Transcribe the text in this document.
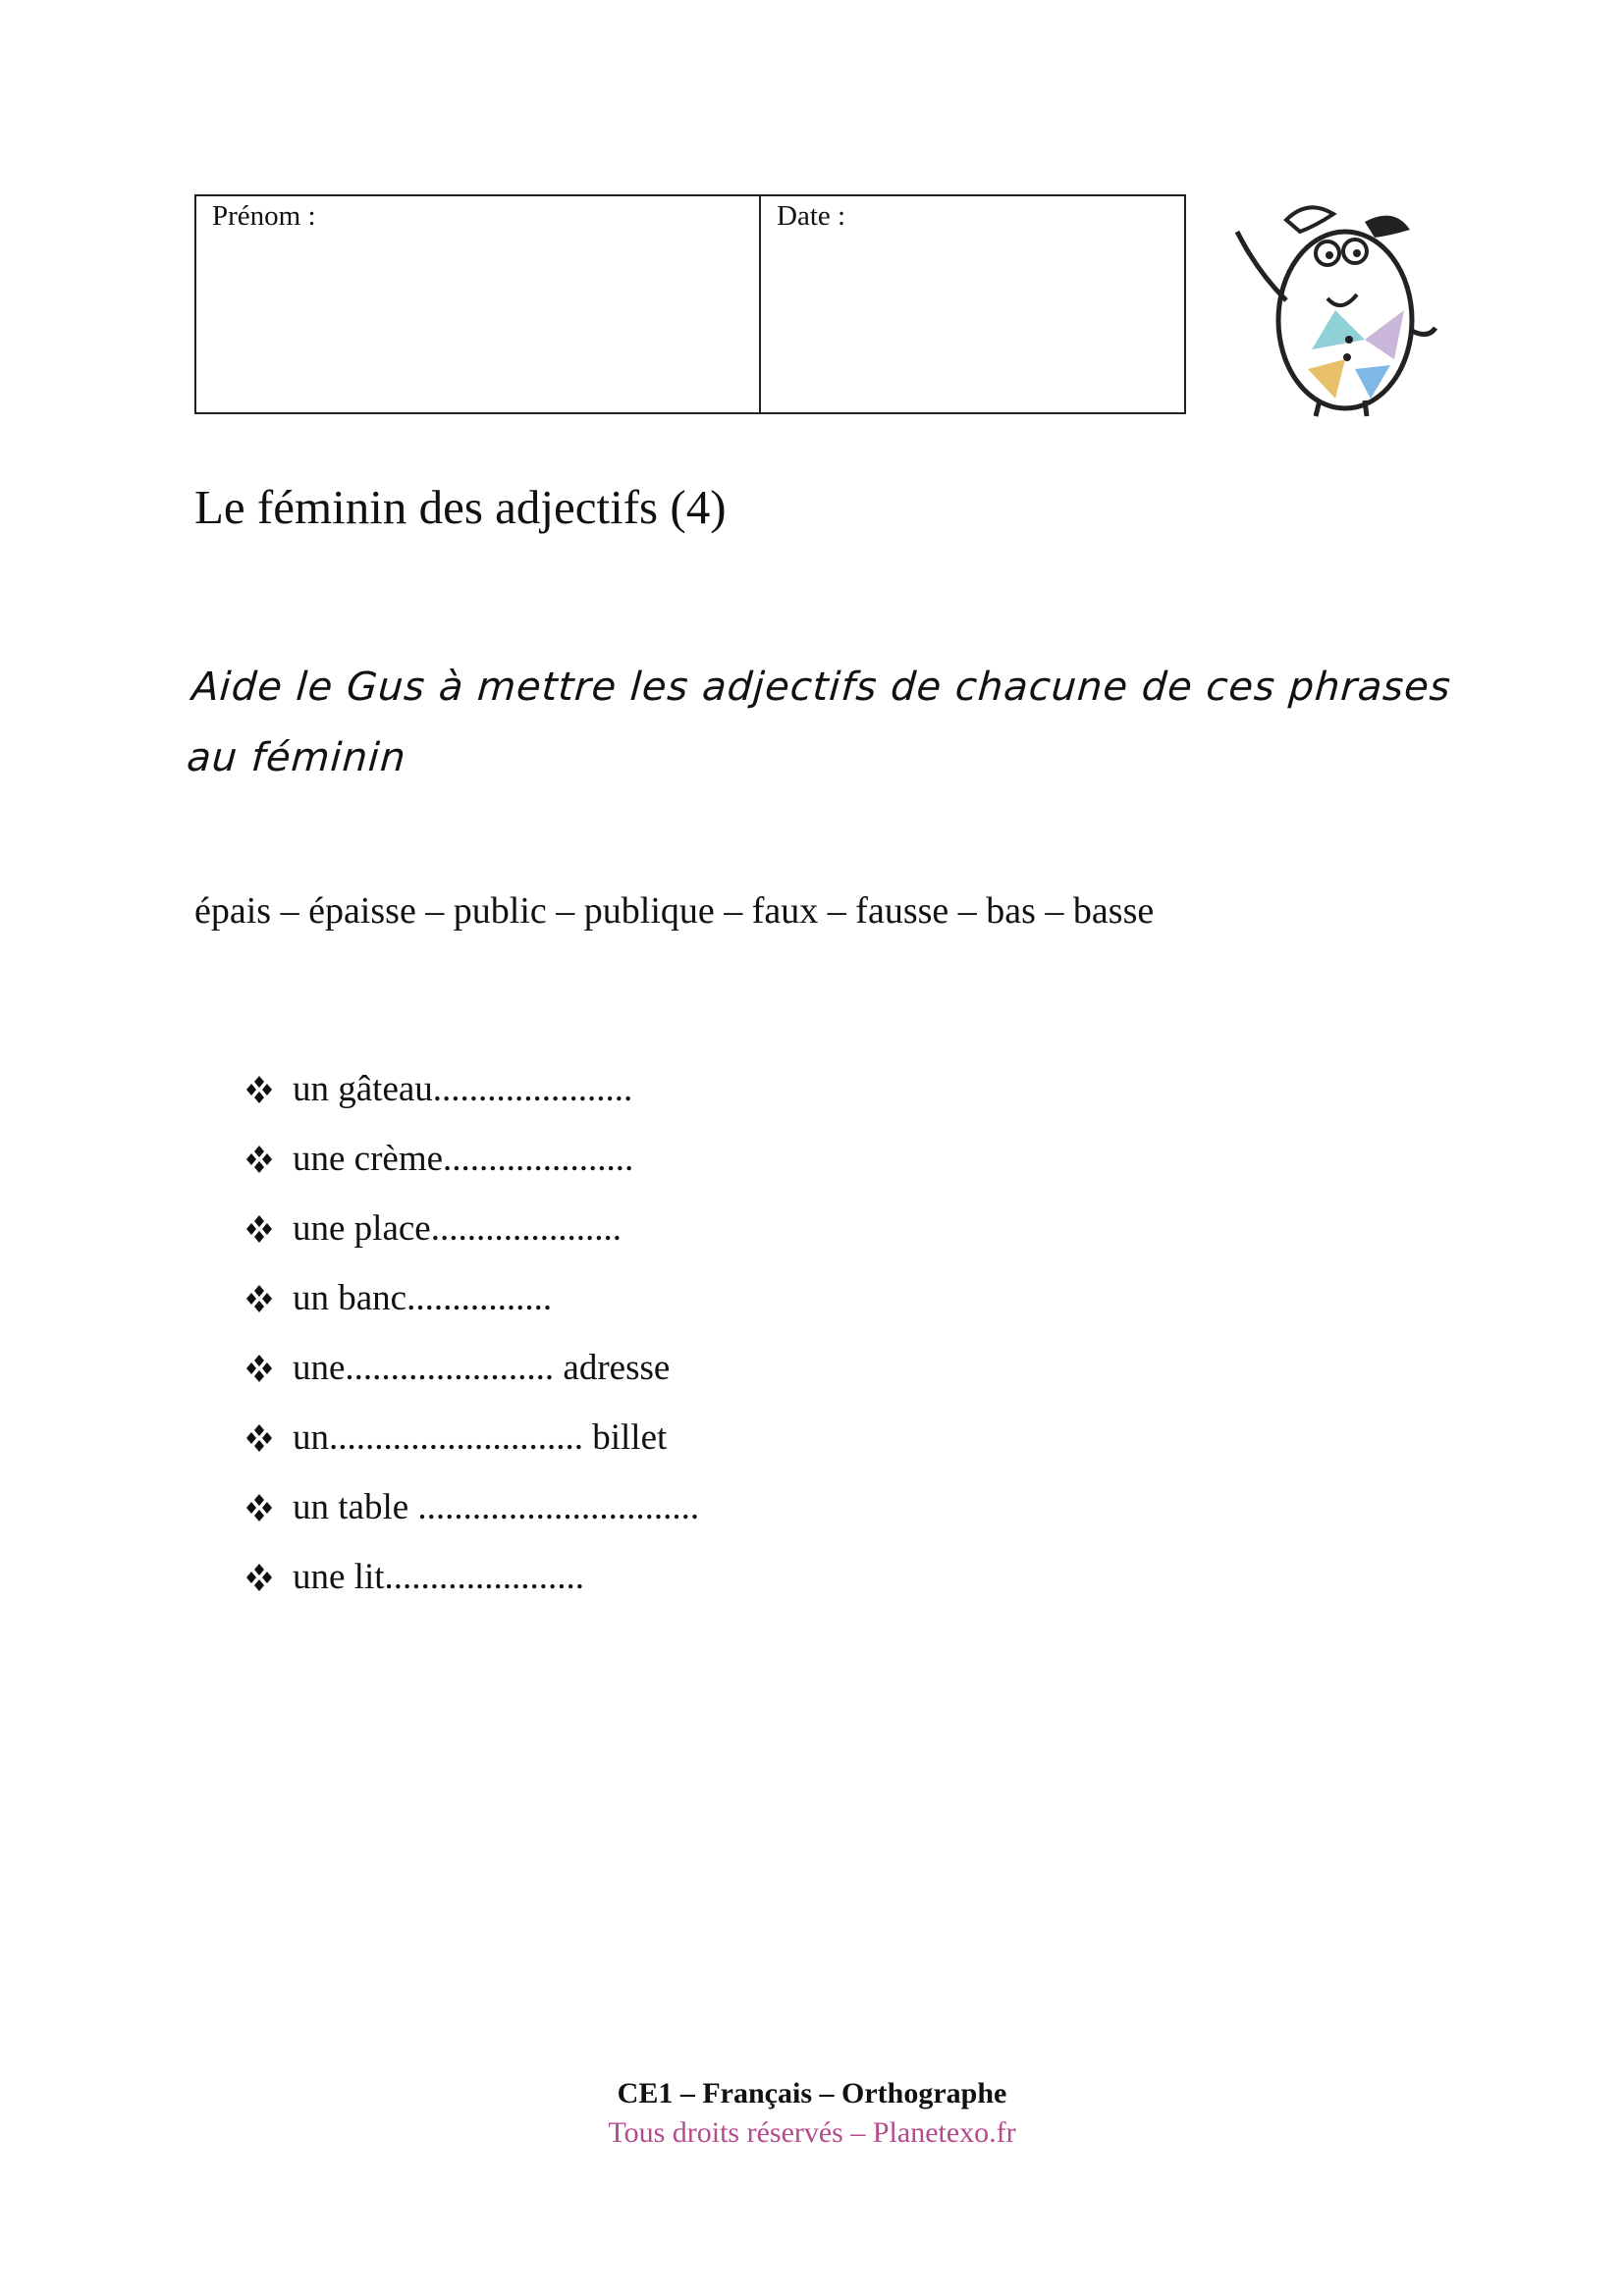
Prénom :	Date :
Le féminin des adjectifs (4)
Aide le Gus à mettre les adjectifs de chacune de ces phrases au féminin
épais – épaisse – public – publique – faux – fausse – bas – basse
un gâteau......................
une crème.....................
une place.....................
un banc................
une....................... adresse
un............................ billet
un table ...............................
une lit......................
CE1 – Français – Orthographe
Tous droits réservés – Planetexo.fr
